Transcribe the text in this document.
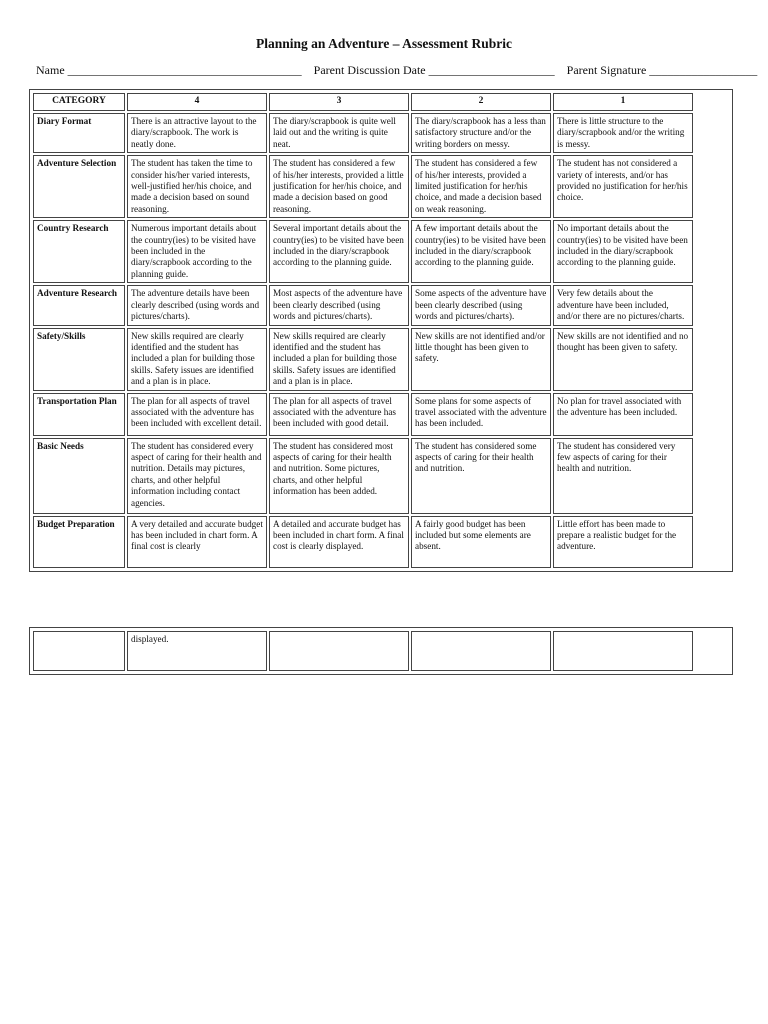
Planning an Adventure – Assessment Rubric
Name _______________________________________ Parent Discussion Date _____________________ Parent Signature __________________
CATEGORY	4	3	2	1
Diary Format	There is an attractive layout to the diary/scrapbook. The work is neatly done.	The diary/scrapbook is quite well laid out and the writing is quite neat.	The diary/scrapbook has a less than satisfactory structure and/or the writing borders on messy.	There is little structure to the diary/scrapbook and/or the writing is messy.
Adventure Selection	The student has taken the time to consider his/her varied interests, well-justified her/his choice, and made a decision based on sound reasoning.	The student has considered a few of his/her interests, provided a little justification for her/his choice, and made a decision based on good reasoning.	The student has considered a few of his/her interests, provided a limited justification for her/his choice, and made a decision based on weak reasoning.	The student has not considered a variety of interests, and/or has provided no justification for her/his choice.
Country Research	Numerous important details about the country(ies) to be visited have been included in the diary/scrapbook according to the planning guide.	Several important details about the country(ies) to be visited have been included in the diary/scrapbook according to the planning guide.	A few important details about the country(ies) to be visited have been included in the diary/scrapbook according to the planning guide.	No important details about the country(ies) to be visited have been included in the diary/scrapbook according to the planning guide.
Adventure Research	The adventure details have been clearly described (using words and pictures/charts).	Most aspects of the adventure have been clearly described (using words and pictures/charts).	Some aspects of the adventure have been clearly described (using words and pictures/charts).	Very few details about the adventure have been included, and/or there are no pictures/charts.
Safety/Skills	New skills required are clearly identified and the student has included a plan for building those skills. Safety issues are identified and a plan is in place.	New skills required are clearly identified and the student has included a plan for building those skills. Safety issues are identified and a plan is in place.	New skills are not identified and/or little thought has been given to safety.	New skills are not identified and no thought has been given to safety.
Transportation Plan	The plan for all aspects of travel associated with the adventure has been included with excellent detail.	The plan for all aspects of travel associated with the adventure has been included with good detail.	Some plans for some aspects of travel associated with the adventure has been included.	No plan for travel associated with the adventure has been included.
Basic Needs	The student has considered every aspect of caring for their health and nutrition. Details may pictures, charts, and other helpful information including contact agencies.	The student has considered most aspects of caring for their health and nutrition. Some pictures, charts, and other helpful information has been added.	The student has considered some aspects of caring for their health and nutrition.	The student has considered very few aspects of caring for their health and nutrition.
Budget Preparation	A very detailed and accurate budget has been included in chart form. A final cost is clearly	A detailed and accurate budget has been included in chart form. A final cost is clearly displayed.	A fairly good budget has been included but some elements are absent.	Little effort has been made to prepare a realistic budget for the adventure.
	displayed.			
